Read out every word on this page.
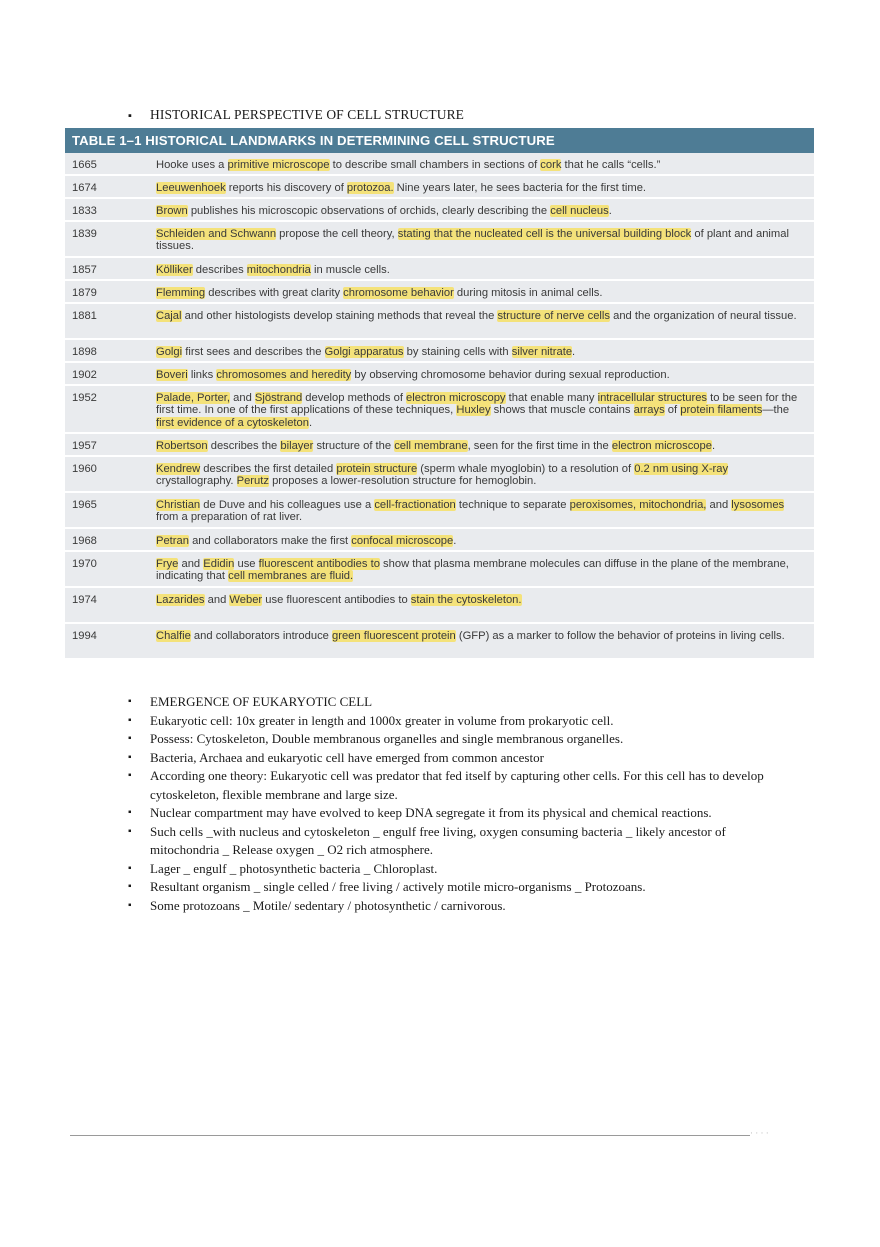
▪ HISTORICAL PERSPECTIVE OF CELL STRUCTURE
TABLE 1–1 HISTORICAL LANDMARKS IN DETERMINING CELL STRUCTURE
1665	Hooke uses a primitive microscope to describe small chambers in sections of cork that he calls “cells.”
1674	Leeuwenhoek reports his discovery of protozoa. Nine years later, he sees bacteria for the first time.
1833	Brown publishes his microscopic observations of orchids, clearly describing the cell nucleus.
1839	Schleiden and Schwann propose the cell theory, stating that the nucleated cell is the universal building block of plant and animal tissues.
1857	Kölliker describes mitochondria in muscle cells.
1879	Flemming describes with great clarity chromosome behavior during mitosis in animal cells.
1881	Cajal and other histologists develop staining methods that reveal the structure of nerve cells and the organization of neural tissue.
1898	Golgi first sees and describes the Golgi apparatus by staining cells with silver nitrate.
1902	Boveri links chromosomes and heredity by observing chromosome behavior during sexual reproduction.
1952	Palade, Porter, and Sjöstrand develop methods of electron microscopy that enable many intracellular structures to be seen for the first time. In one of the first applications of these techniques, Huxley shows that muscle contains arrays of protein filaments—the first evidence of a cytoskeleton.
1957	Robertson describes the bilayer structure of the cell membrane, seen for the first time in the electron microscope.
1960	Kendrew describes the first detailed protein structure (sperm whale myoglobin) to a resolution of 0.2 nm using X-ray crystallography. Perutz proposes a lower-resolution structure for hemoglobin.
1965	Christian de Duve and his colleagues use a cell-fractionation technique to separate peroxisomes, mitochondria, and lysosomes from a preparation of rat liver.
1968	Petran and collaborators make the first confocal microscope.
1970	Frye and Edidin use fluorescent antibodies to show that plasma membrane molecules can diffuse in the plane of the membrane, indicating that cell membranes are fluid.
1974	Lazarides and Weber use fluorescent antibodies to stain the cytoskeleton.
1994	Chalfie and collaborators introduce green fluorescent protein (GFP) as a marker to follow the behavior of proteins in living cells.
▪	EMERGENCE OF EUKARYOTIC CELL
▪	Eukaryotic cell: 10x greater in length and 1000x greater in volume from prokaryotic cell.
▪	Possess: Cytoskeleton, Double membranous organelles and single membranous organelles.
▪	Bacteria, Archaea and eukaryotic cell have emerged from common ancestor
▪	According one theory: Eukaryotic cell was predator that fed itself by capturing other cells. For this cell has to develop cytoskeleton, flexible membrane and large size.
▪	Nuclear compartment may have evolved to keep DNA segregate it from its physical and chemical reactions.
▪	Such cells _with nucleus and cytoskeleton _ engulf free living, oxygen consuming bacteria _ likely ancestor of mitochondria _ Release oxygen _ O2 rich atmosphere.
▪	Lager _ engulf _ photosynthetic bacteria _ Chloroplast.
▪	Resultant organism _ single celled / free living / actively motile micro-organisms _ Protozoans.
▪	Some protozoans _ Motile/ sedentary / photosynthetic / carnivorous.
· · · ·
